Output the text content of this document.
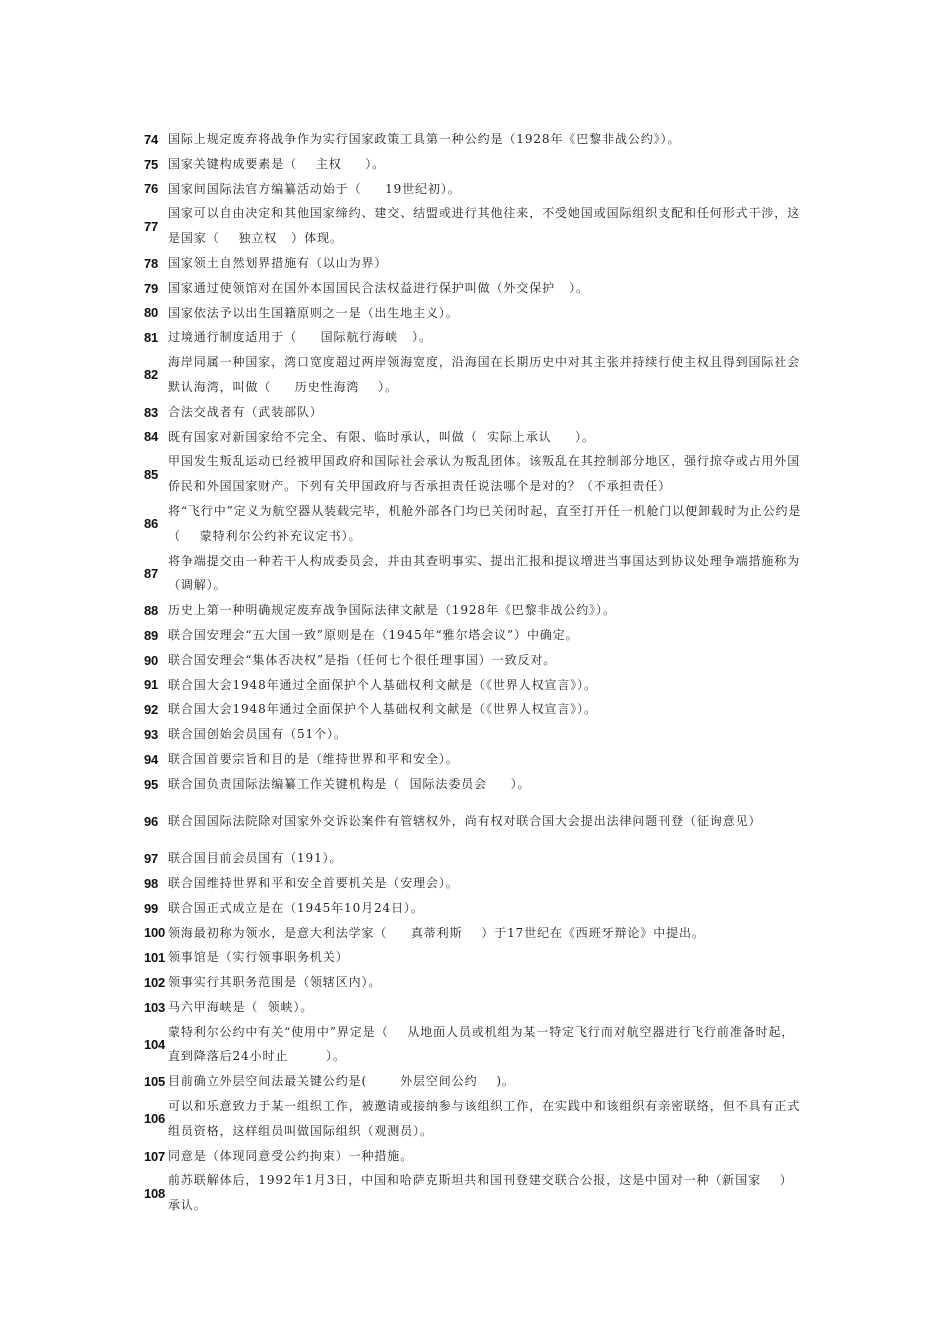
74 国际上规定废弃将战争作为实行国家政策工具第一种公约是（1928年《巴黎非战公约》）。
75 国家关键构成要素是（    主权     ）。
76 国家间国际法官方编纂活动始于（     19世纪初）。
77
国家可以自由决定和其他国家缔约、建交、结盟或进行其他往来，不受她国或国际组织支配和任何形式干涉，这是国家（    独立权   ）体现。
78 国家领土自然划界措施有（以山为界）
79 国家通过使领馆对在国外本国国民合法权益进行保护叫做（外交保护   ）。
80 国家依法予以出生国籍原则之一是（出生地主义）。
81 过境通行制度适用于（     国际航行海峡   ）。
82
海岸同属一种国家，湾口宽度超过两岸领海宽度，沿海国在长期历史中对其主张并持续行使主权且得到国际社会默认海湾，叫做（     历史性海湾    ）。
83 合法交战者有（武装部队）
84 既有国家对新国家给不完全、有限、临时承认，叫做（  实际上承认     ）。
85
甲国发生叛乱运动已经被甲国政府和国际社会承认为叛乱团体。该叛乱在其控制部分地区，强行掠夺或占用外国侨民和外国国家财产。下列有关甲国政府与否承担责任说法哪个是对的？（不承担责任）
86
将“飞行中”定义为航空器从装载完毕，机舱外部各门均已关闭时起，直至打开任一机舱门以便卸载时为止公约是（    蒙特利尔公约补充议定书）。
87
将争端提交由一种若干人构成委员会，并由其查明事实、提出汇报和提议增进当事国达到协议处理争端措施称为（调解）。
88 历史上第一种明确规定废弃战争国际法律文献是（1928年《巴黎非战公约》）。
89 联合国安理会“五大国一致”原则是在（1945年“雅尔塔会议”）中确定。
90 联合国安理会“集体否决权”是指（任何七个很任理事国）一致反对。
91 联合国大会1948年通过全面保护个人基础权利文献是（《世界人权宣言》）。
92 联合国大会1948年通过全面保护个人基础权利文献是（《世界人权宣言》）。
93 联合国创始会员国有（51个）。
94 联合国首要宗旨和目的是（维持世界和平和安全）。
95 联合国负责国际法编纂工作关键机构是（  国际法委员会     ）。
96 联合国国际法院除对国家外交诉讼案件有管辖权外，尚有权对联合国大会提出法律问题刊登（征询意见）
97 联合国目前会员国有（191）。
98 联合国维持世界和平和安全首要机关是（安理会）。
99 联合国正式成立是在（1945年10月24日）。
100 领海最初称为领水，是意大利法学家（     真蒂利斯    ）于17世纪在《西班牙辩论》中提出。
101 领事馆是（实行领事职务机关）
102 领事实行其职务范围是（领辖区内）。
103 马六甲海峡是（  领峡）。
104
蒙特利尔公约中有关“使用中”界定是（    从地面人员或机组为某一特定飞行而对航空器进行飞行前准备时起，直到降落后24小时止        ）。
105 目前确立外层空间法最关键公约是(       外层空间公约    )。
106
可以和乐意致力于某一组织工作，被邀请或接纳参与该组织工作，在实践中和该组织有亲密联络，但不具有正式组员资格，这样组员叫做国际组织（观测员）。
107 同意是（体现同意受公约拘束）一种措施。
108
前苏联解体后，1992年1月3日，中国和哈萨克斯坦共和国刊登建交联合公报，这是中国对一种（新国家    ）承认。
